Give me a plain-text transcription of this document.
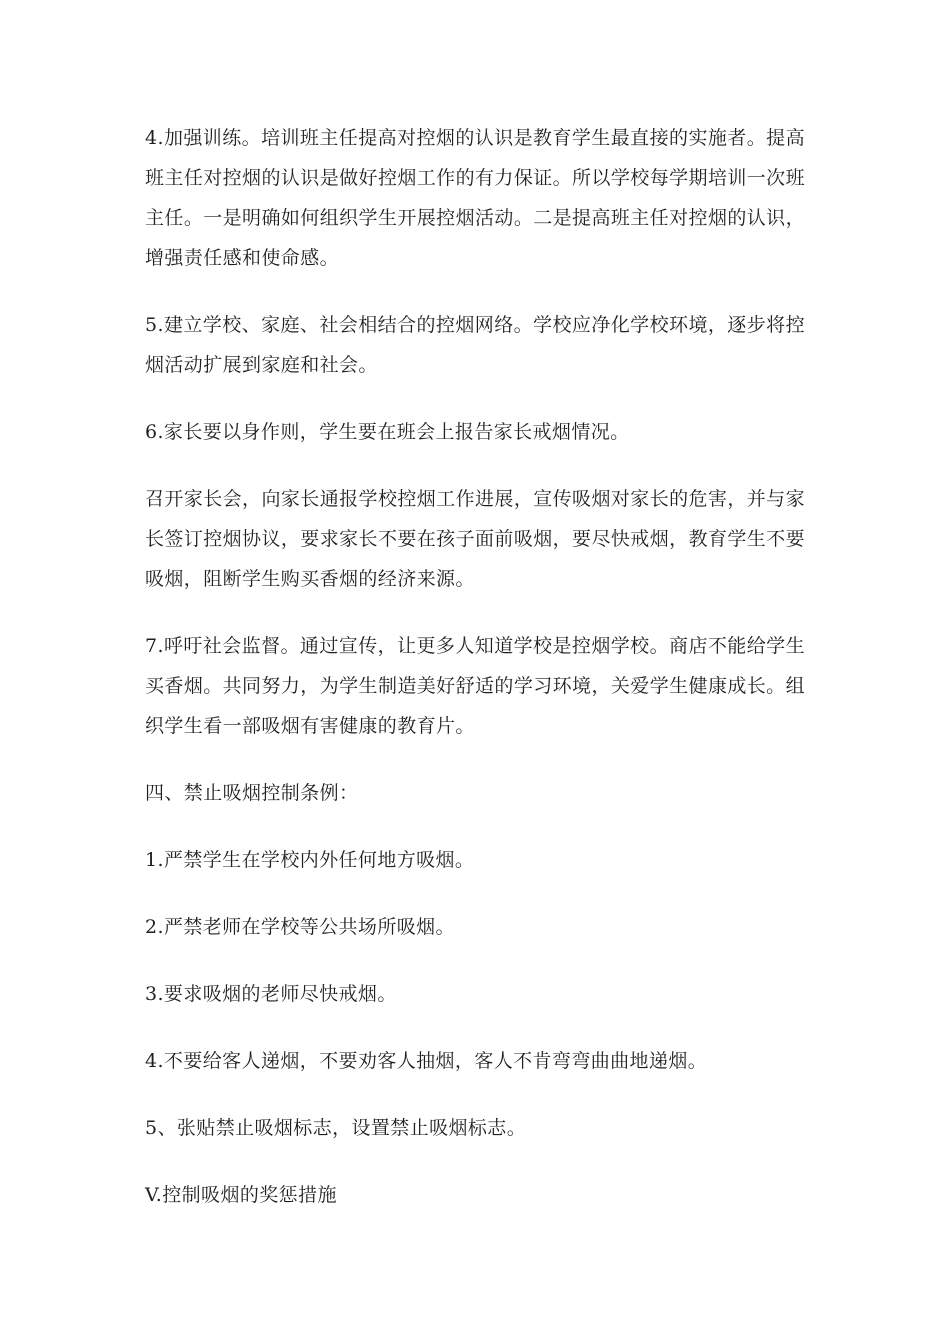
4.加强训练。培训班主任提高对控烟的认识是教育学生最直接的实施者。提高班主任对控烟的认识是做好控烟工作的有力保证。所以学校每学期培训一次班主任。一是明确如何组织学生开展控烟活动。二是提高班主任对控烟的认识，增强责任感和使命感。

5.建立学校、家庭、社会相结合的控烟网络。学校应净化学校环境，逐步将控烟活动扩展到家庭和社会。

6.家长要以身作则，学生要在班会上报告家长戒烟情况。

召开家长会，向家长通报学校控烟工作进展，宣传吸烟对家长的危害，并与家长签订控烟协议，要求家长不要在孩子面前吸烟，要尽快戒烟，教育学生不要吸烟，阻断学生购买香烟的经济来源。

7.呼吁社会监督。通过宣传，让更多人知道学校是控烟学校。商店不能给学生买香烟。共同努力，为学生制造美好舒适的学习环境，关爱学生健康成长。组织学生看一部吸烟有害健康的教育片。

四、禁止吸烟控制条例：

1.严禁学生在学校内外任何地方吸烟。

2.严禁老师在学校等公共场所吸烟。

3.要求吸烟的老师尽快戒烟。

4.不要给客人递烟，不要劝客人抽烟，客人不肯弯弯曲曲地递烟。

5、张贴禁止吸烟标志，设置禁止吸烟标志。

V.控制吸烟的奖惩措施
